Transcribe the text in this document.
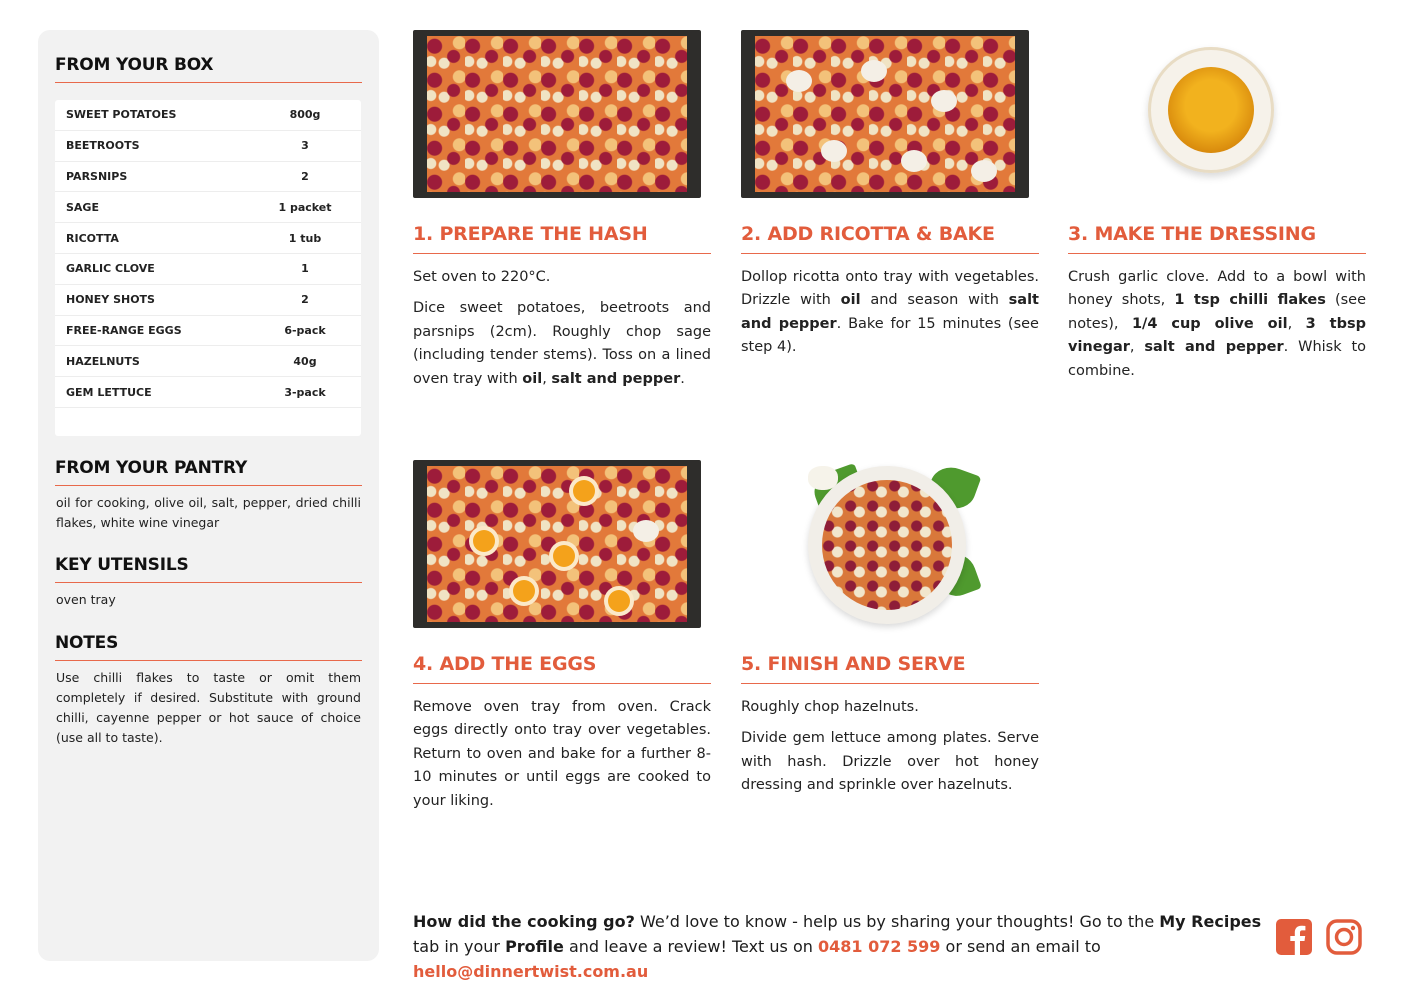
FROM YOUR BOX
SWEET POTATOES	800g
BEETROOTS	3
PARSNIPS	2
SAGE	1 packet
RICOTTA	1 tub
GARLIC CLOVE	1
HONEY SHOTS	2
FREE-RANGE EGGS	6-pack
HAZELNUTS	40g
GEM LETTUCE	3-pack
FROM YOUR PANTRY
oil for cooking, olive oil, salt, pepper, dried chilli flakes, white wine vinegar
KEY UTENSILS
oven tray
NOTES
Use chilli flakes to taste or omit them completely if desired. Substitute with ground chilli, cayenne pepper or hot sauce of choice (use all to taste).
1. PREPARE THE HASH

Set oven to 220°C.

Dice sweet potatoes, beetroots and parsnips (2cm). Roughly chop sage (including tender stems). Toss on a lined oven tray with oil, salt and pepper.

2. ADD RICOTTA & BAKE

Dollop ricotta onto tray with vegetables. Drizzle with oil and season with salt and pepper. Bake for 15 minutes (see step 4).

3. MAKE THE DRESSING

Crush garlic clove. Add to a bowl with honey shots, 1 tsp chilli flakes (see notes), 1/4 cup olive oil, 3 tbsp vinegar, salt and pepper. Whisk to combine.

4. ADD THE EGGS

Remove oven tray from oven. Crack eggs directly onto tray over vegetables. Return to oven and bake for a further 8-10 minutes or until eggs are cooked to your liking.

5. FINISH AND SERVE

Roughly chop hazelnuts.

Divide gem lettuce among plates. Serve with hash. Drizzle over hot honey dressing and sprinkle over hazelnuts.

How did the cooking go? We’d love to know - help us by sharing your thoughts! Go to the My Recipes tab in your Profile and leave a review! Text us on 0481 072 599 or send an email to hello@dinnertwist.com.au
